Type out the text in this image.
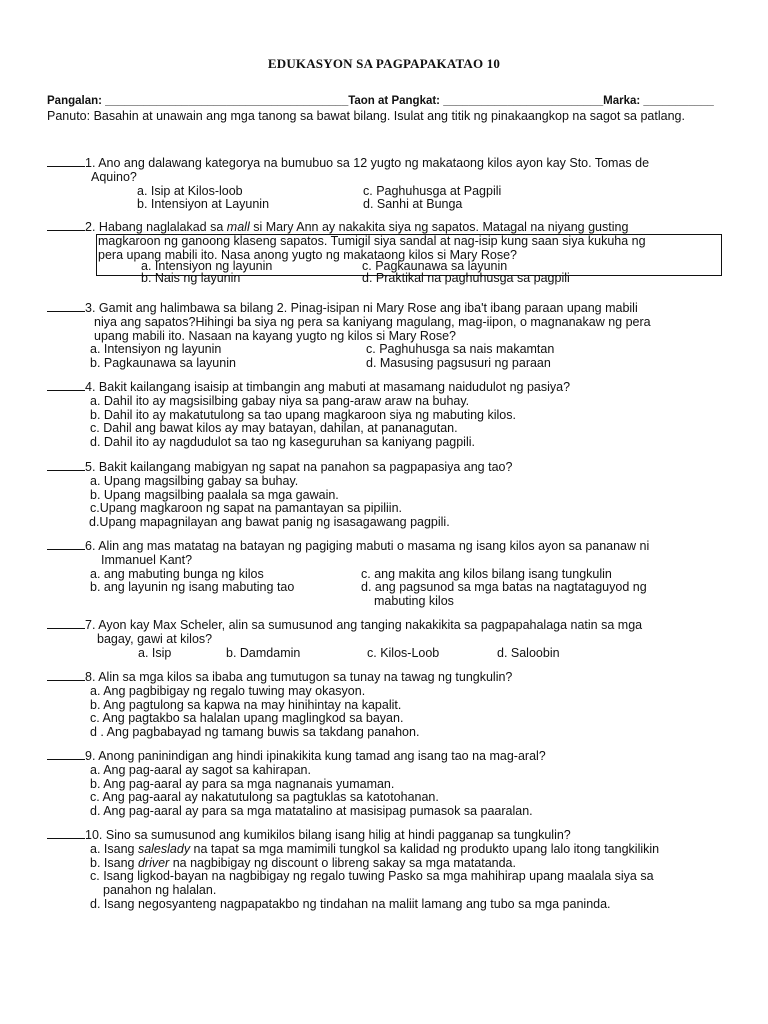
EDUKASYON SA PAGPAPAKATAO 10
Pangalan: ______________________________________Taon at Pangkat: _________________________Marka: ___________
Panuto: Basahin at unawain ang mga tanong sa bawat bilang. Isulat ang titik ng pinakaangkop na sagot sa patlang.
1. Ano ang dalawang kategorya na bumubuo sa 12 yugto ng makataong kilos ayon kay Sto. Tomas de
Aquino?
a. Isip at Kilos-loob	c. Paghuhusga at Pagpili
b. Intensiyon at Layunin	d. Sanhi at Bunga
2. Habang naglalakad sa mall si Mary Ann ay nakakita siya ng sapatos. Matagal na niyang gusting
magkaroon ng ganoong klaseng sapatos. Tumigil siya sandal at nag-isip kung saan siya kukuha ng
pera upang mabili ito. Nasa anong yugto ng makataong kilos si Mary Rose?
a. Intensiyon ng layunin	c. Pagkaunawa sa layunin
b. Nais ng layunin	d. Praktikal na paghuhusga sa pagpili
3. Gamit ang halimbawa sa bilang 2. Pinag-isipan ni Mary Rose ang iba't ibang paraan upang mabili
niya ang sapatos?Hihingi ba siya ng pera sa kaniyang magulang, mag-iipon, o magnanakaw ng pera
upang mabili ito. Nasaan na kayang yugto ng kilos si Mary Rose?
a. Intensiyon ng layunin	c. Paghuhusga sa nais makamtan
b. Pagkaunawa sa layunin	d. Masusing pagsusuri ng paraan
4. Bakit kailangang isaisip at timbangin ang mabuti at masamang naidudulot ng pasiya?
a. Dahil ito ay magsisilbing gabay niya sa pang-araw araw na buhay.
b. Dahil ito ay makatutulong sa tao upang magkaroon siya ng mabuting kilos.
c. Dahil ang bawat kilos ay may batayan, dahilan, at pananagutan.
d. Dahil ito ay nagdudulot sa tao ng kaseguruhan sa kaniyang pagpili.
5. Bakit kailangang mabigyan ng sapat na panahon sa pagpapasiya ang tao?
a. Upang magsilbing gabay sa buhay.
b. Upang magsilbing paalala sa mga gawain.
c.Upang magkaroon ng sapat na pamantayan sa pipiliin.
d.Upang mapagnilayan ang bawat panig ng isasagawang pagpili.
6. Alin ang mas matatag na batayan ng pagiging mabuti o masama ng isang kilos ayon sa pananaw ni
Immanuel Kant?
a. ang mabuting bunga ng kilos	c. ang makita ang kilos bilang isang tungkulin
b. ang layunin ng isang mabuting tao	d. ang pagsunod sa mga batas na nagtataguyod ng
mabuting kilos
7. Ayon kay Max Scheler, alin sa sumusunod ang tanging nakakikita sa pagpapahalaga natin sa mga
bagay, gawi at kilos?
a. Isip	b. Damdamin	c. Kilos-Loob	d. Saloobin
8. Alin sa mga kilos sa ibaba ang tumutugon sa tunay na tawag ng tungkulin?
a. Ang pagbibigay ng regalo tuwing may okasyon.
b. Ang pagtulong sa kapwa na may hinihintay na kapalit.
c. Ang pagtakbo sa halalan upang maglingkod sa bayan.
d . Ang pagbabayad ng tamang buwis sa takdang panahon.
9. Anong paninindigan ang hindi ipinakikita kung tamad ang isang tao na mag-aral?
a. Ang pag-aaral ay sagot sa kahirapan.
b. Ang pag-aaral ay para sa mga nagnanais yumaman.
c. Ang pag-aaral ay nakatutulong sa pagtuklas sa katotohanan.
d. Ang pag-aaral ay para sa mga matatalino at masisipag pumasok sa paaralan.
10. Sino sa sumusunod ang kumikilos bilang isang hilig at hindi pagganap sa tungkulin?
a. Isang saleslady na tapat sa mga mamimili tungkol sa kalidad ng produkto upang lalo itong tangkilikin
b. Isang driver na nagbibigay ng discount o libreng sakay sa mga matatanda.
c. Isang ligkod-bayan na nagbibigay ng regalo tuwing Pasko sa mga mahihirap upang maalala siya sa
panahon ng halalan.
d. Isang negosyanteng nagpapatakbo ng tindahan na maliit lamang ang tubo sa mga paninda.
